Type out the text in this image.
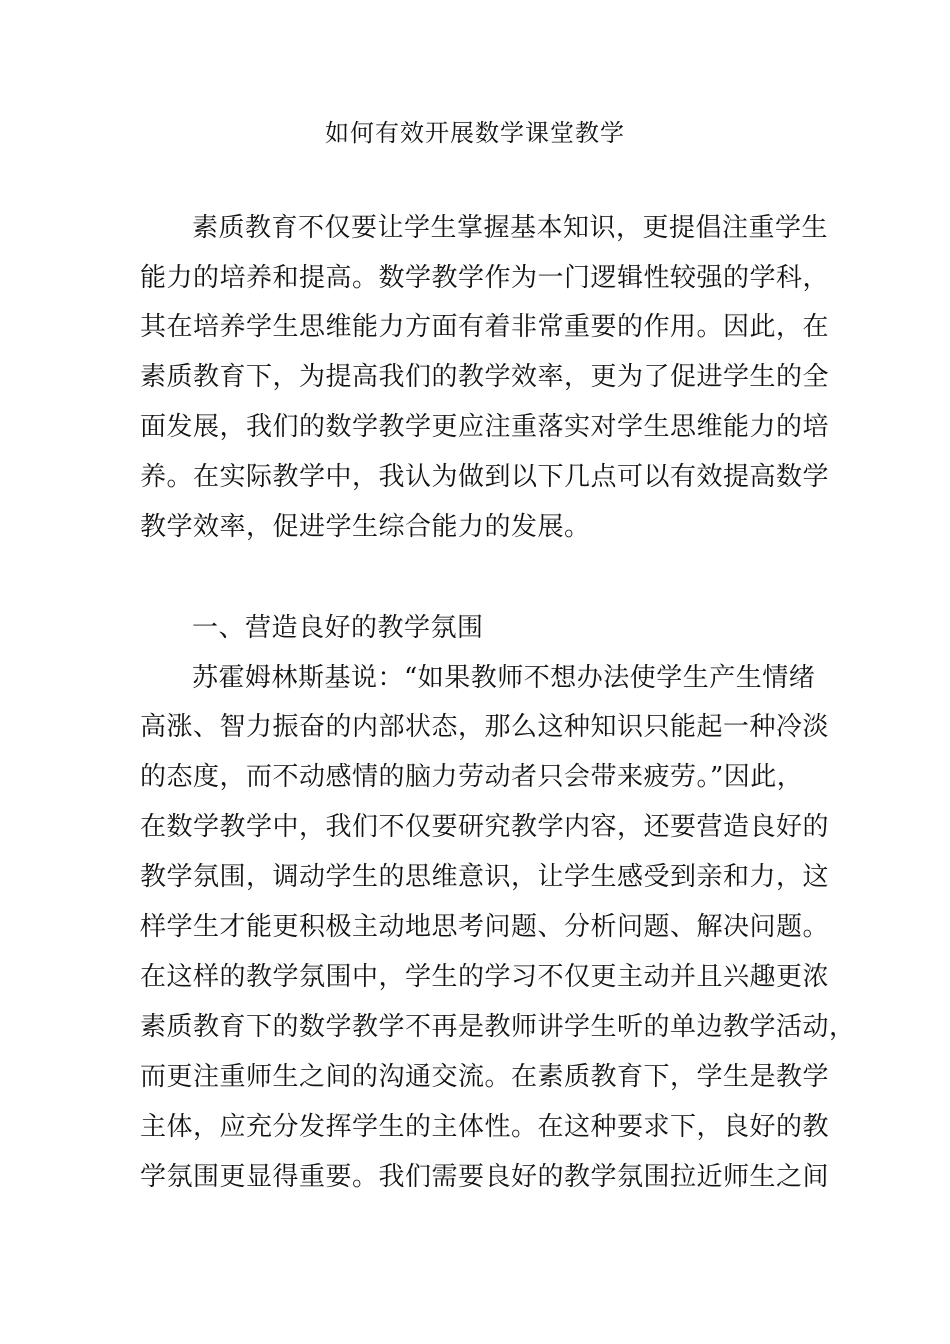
如何有效开展数学课堂教学
素质教育不仅要让学生掌握基本知识，更提倡注重学生
能力的培养和提高。数学教学作为一门逻辑性较强的学科，
其在培养学生思维能力方面有着非常重要的作用。因此，在
素质教育下，为提高我们的教学效率，更为了促进学生的全
面发展，我们的数学教学更应注重落实对学生思维能力的培
养。在实际教学中，我认为做到以下几点可以有效提高数学
教学效率，促进学生综合能力的发展。
一、营造良好的教学氛围
苏霍姆林斯基说：“如果教师不想办法使学生产生情绪
高涨、智力振奋的内部状态，那么这种知识只能起一种冷淡
的态度，而不动感情的脑力劳动者只会带来疲劳。”因此，
在数学教学中，我们不仅要研究教学内容，还要营造良好的
教学氛围，调动学生的思维意识，让学生感受到亲和力，这
样学生才能更积极主动地思考问题、分析问题、解决问题。
在这样的教学氛围中，学生的学习不仅更主动并且兴趣更浓
素质教育下的数学教学不再是教师讲学生听的单边教学活动，
而更注重师生之间的沟通交流。在素质教育下，学生是教学
主体，应充分发挥学生的主体性。在这种要求下，良好的教
学氛围更显得重要。我们需要良好的教学氛围拉近师生之间
